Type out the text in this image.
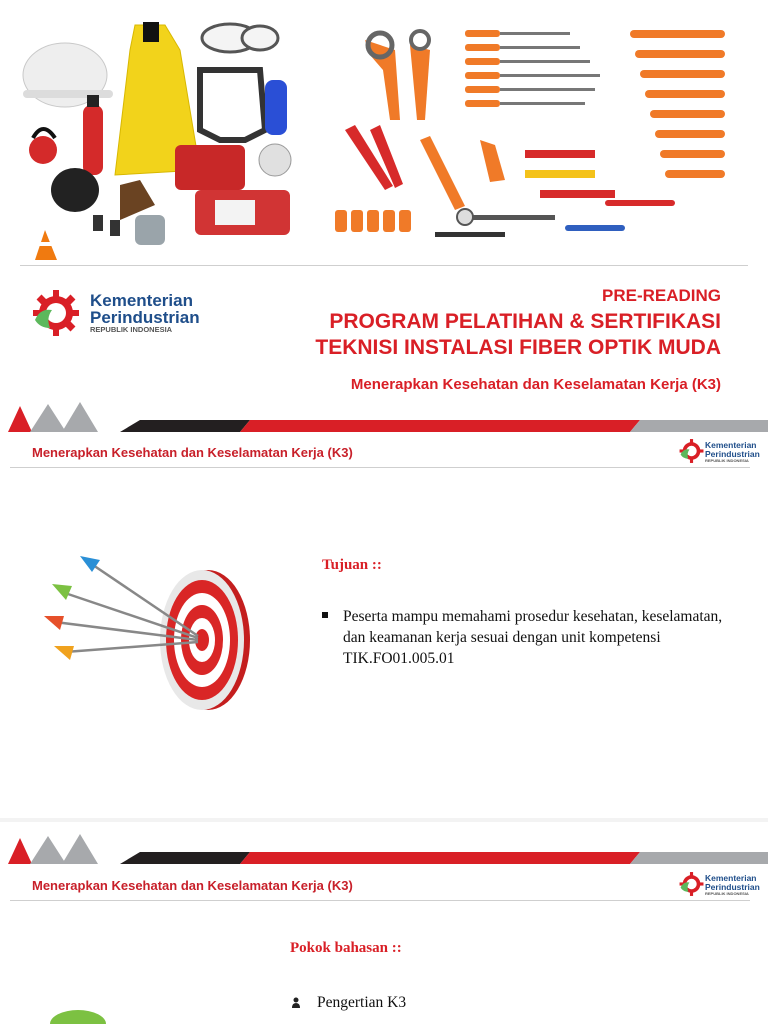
Kementerian
Perindustrian
REPUBLIK INDONESIA
PRE-READING
PROGRAM PELATIHAN & SERTIFIKASI
TEKNISI INSTALASI FIBER OPTIK MUDA
Menerapkan Kesehatan dan Keselamatan Kerja (K3)
Menerapkan Kesehatan dan Keselamatan Kerja (K3)	Kementerian
Perindustrian
REPUBLIK INDONESIA
Tujuan ::
Peserta mampu memahami prosedur kesehatan, keselamatan, dan keamanan kerja sesuai dengan unit kompetensi TIK.FO01.005.01
Menerapkan Kesehatan dan Keselamatan Kerja (K3)	Kementerian
Perindustrian
REPUBLIK INDONESIA
Pokok bahasan ::
Pengertian K3
